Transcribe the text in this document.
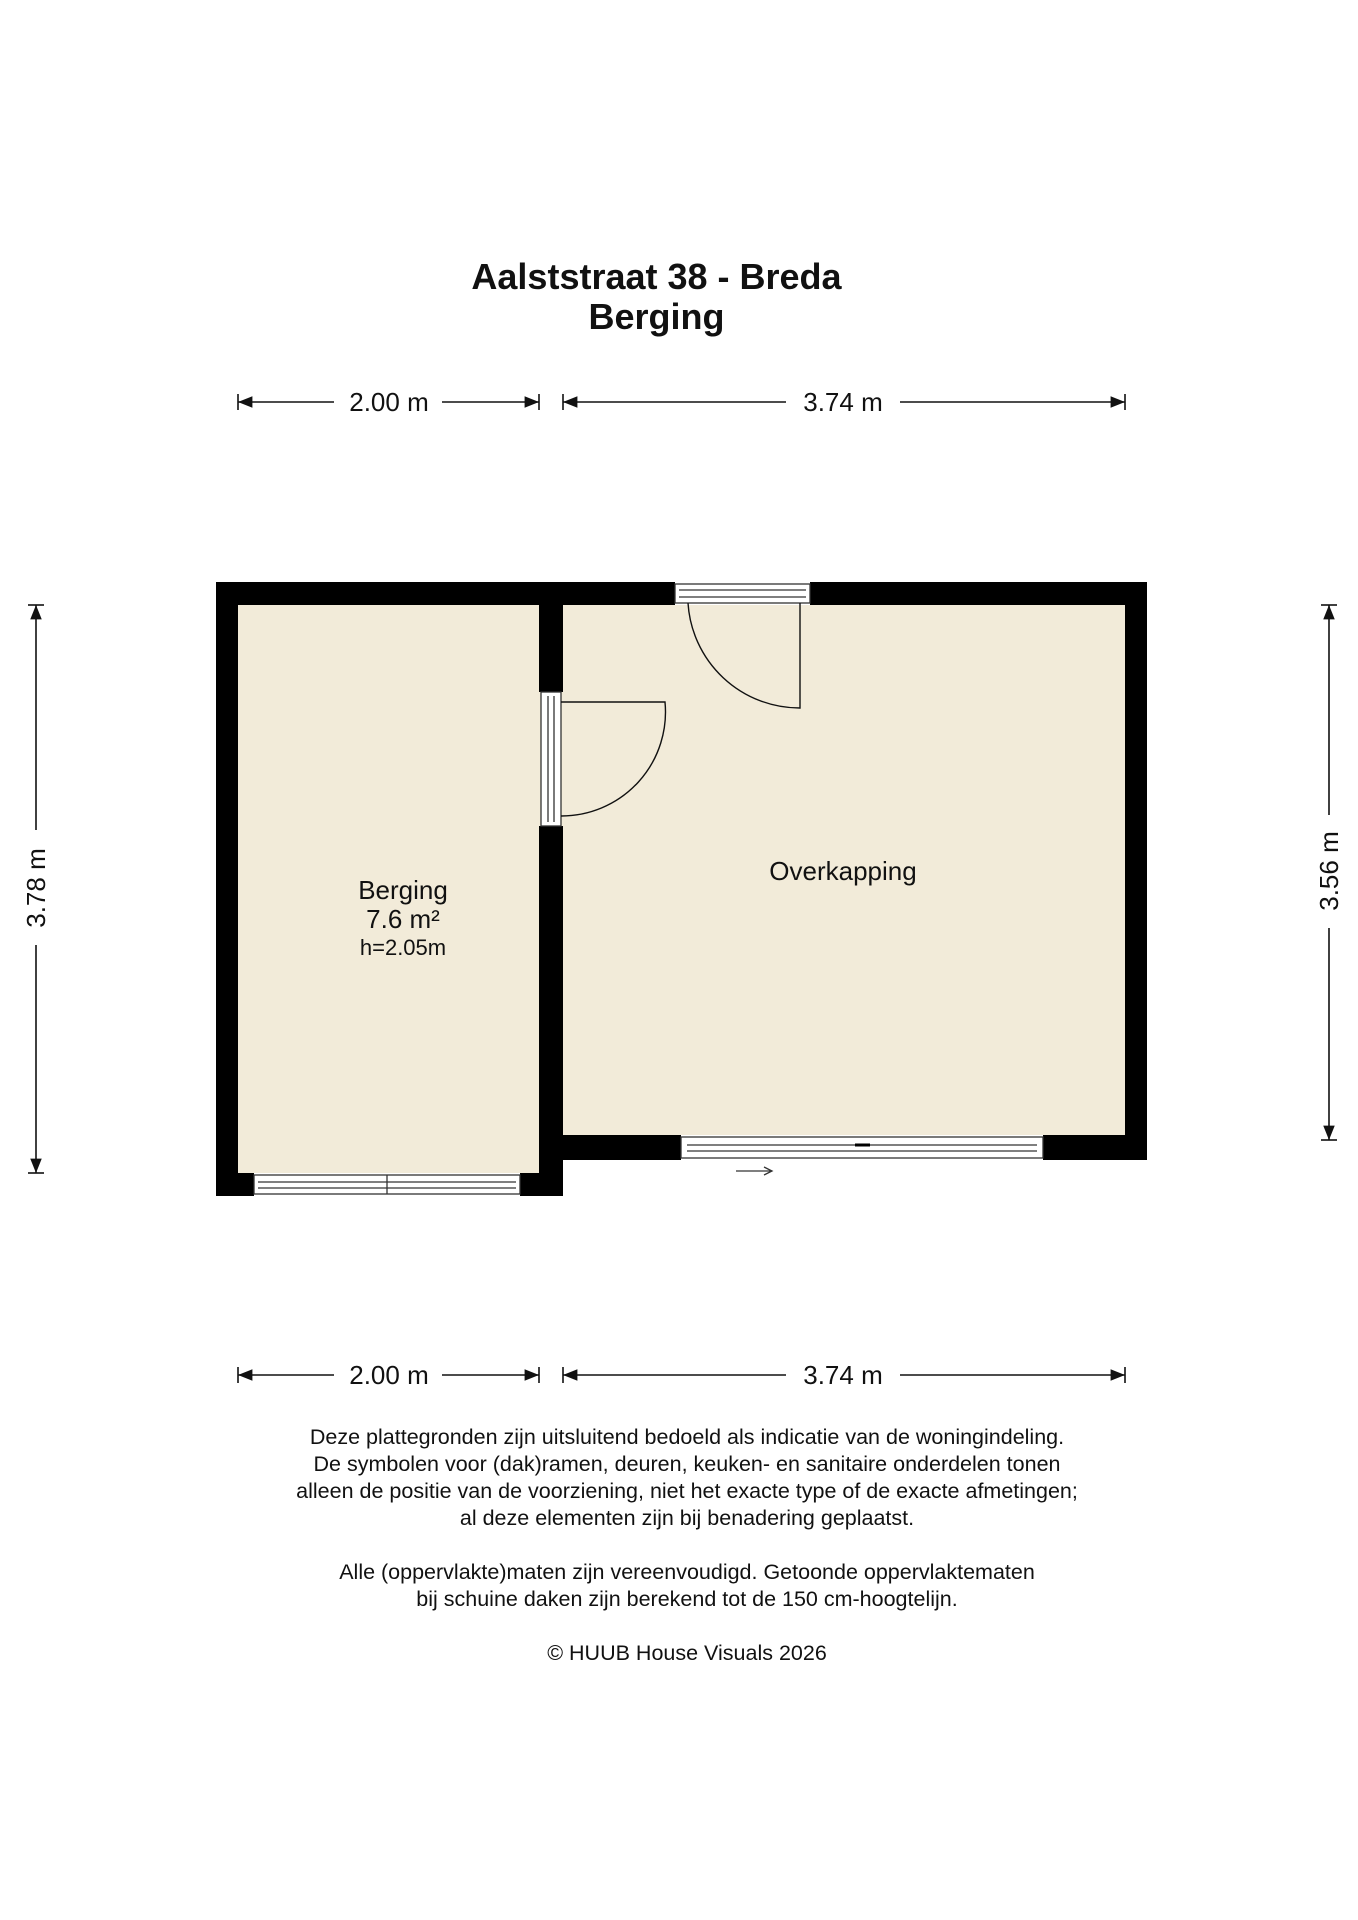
Aalststraat 38 - Breda
Berging
2.00 m	3.74 m
3.78 m	3.56 m
Berging
7.6 m²
h=2.05m
Overkapping
2.00 m	3.74 m

Deze plattegronden zijn uitsluitend bedoeld als indicatie van de woningindeling.

De symbolen voor (dak)ramen, deuren, keuken- en sanitaire onderdelen tonen

alleen de positie van de voorziening, niet het exacte type of de exacte afmetingen;

al deze elementen zijn bij benadering geplaatst.

Alle (oppervlakte)maten zijn vereenvoudigd. Getoonde oppervlaktematen

bij schuine daken zijn berekend tot de 150 cm-hoogtelijn.

© HUUB House Visuals 2026
